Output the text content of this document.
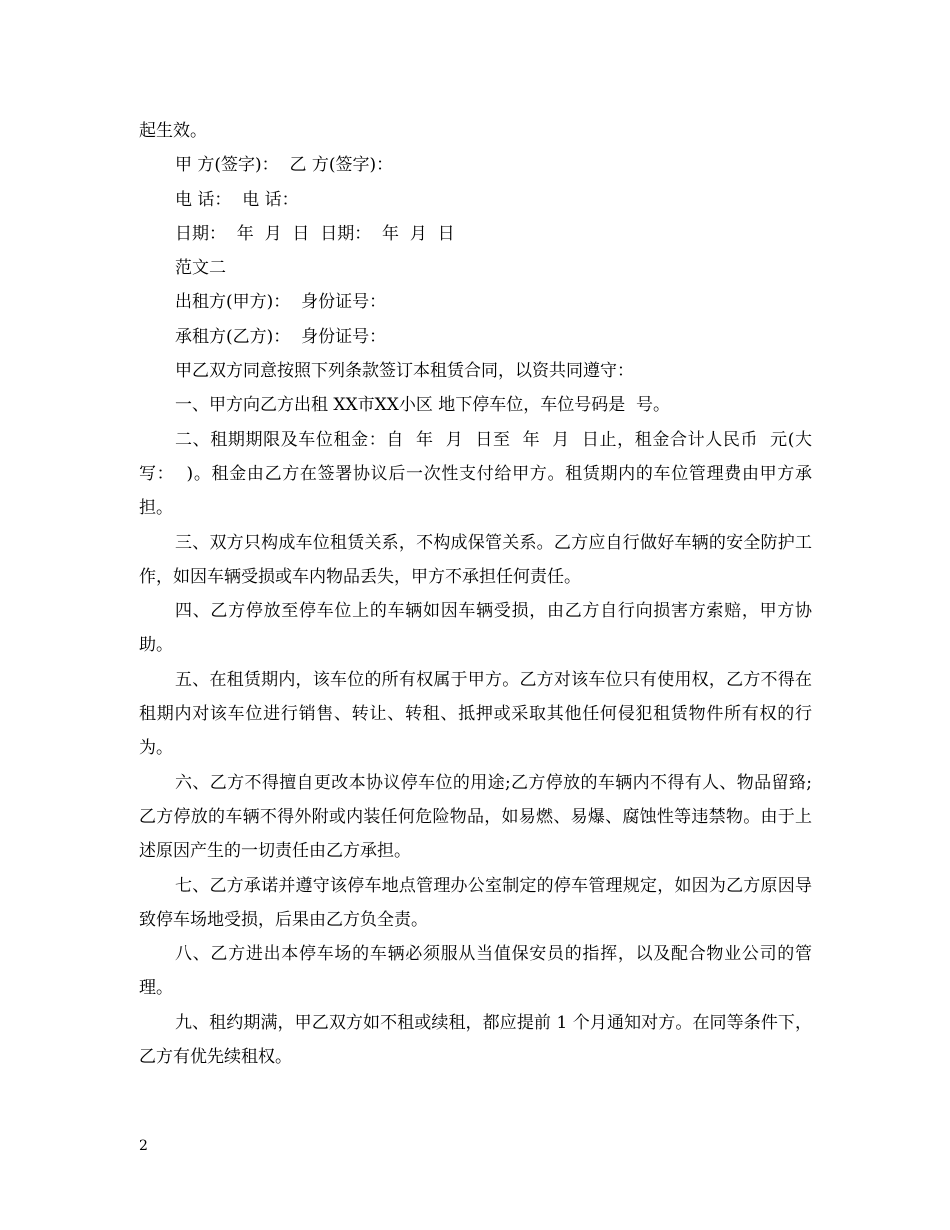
起生效。

甲 方(签字)：  乙 方(签字)：

电 话：  电 话：

日期：  年  月  日  日期：  年  月  日

范文二

出租方(甲方)：  身份证号：

承租方(乙方)：  身份证号：

甲乙双方同意按照下列条款签订本租赁合同，以资共同遵守：

一、甲方向乙方出租 XX市XX小区 地下停车位，车位号码是  号。

二、租期期限及车位租金：自  年  月  日至  年  月  日止，租金合计人民币  元(大写：  )。租金由乙方在签署协议后一次性支付给甲方。租赁期内的车位管理费由甲方承担。

三、双方只构成车位租赁关系，不构成保管关系。乙方应自行做好车辆的安全防护工作，如因车辆受损或车内物品丢失，甲方不承担任何责任。

四、乙方停放至停车位上的车辆如因车辆受损，由乙方自行向损害方索赔，甲方协助。

五、在租赁期内，该车位的所有权属于甲方。乙方对该车位只有使用权，乙方不得在租期内对该车位进行销售、转让、转租、抵押或采取其他任何侵犯租赁物件所有权的行为。

六、乙方不得擅自更改本协议停车位的用途;乙方停放的车辆内不得有人、物品留臵;乙方停放的车辆不得外附或内装任何危险物品，如易燃、易爆、腐蚀性等违禁物。由于上述原因产生的一切责任由乙方承担。

七、乙方承诺并遵守该停车地点管理办公室制定的停车管理规定，如因为乙方原因导致停车场地受损，后果由乙方负全责。

八、乙方进出本停车场的车辆必须服从当值保安员的指挥，以及配合物业公司的管理。

九、租约期满，甲乙双方如不租或续租，都应提前 1 个月通知对方。在同等条件下，乙方有优先续租权。

2
